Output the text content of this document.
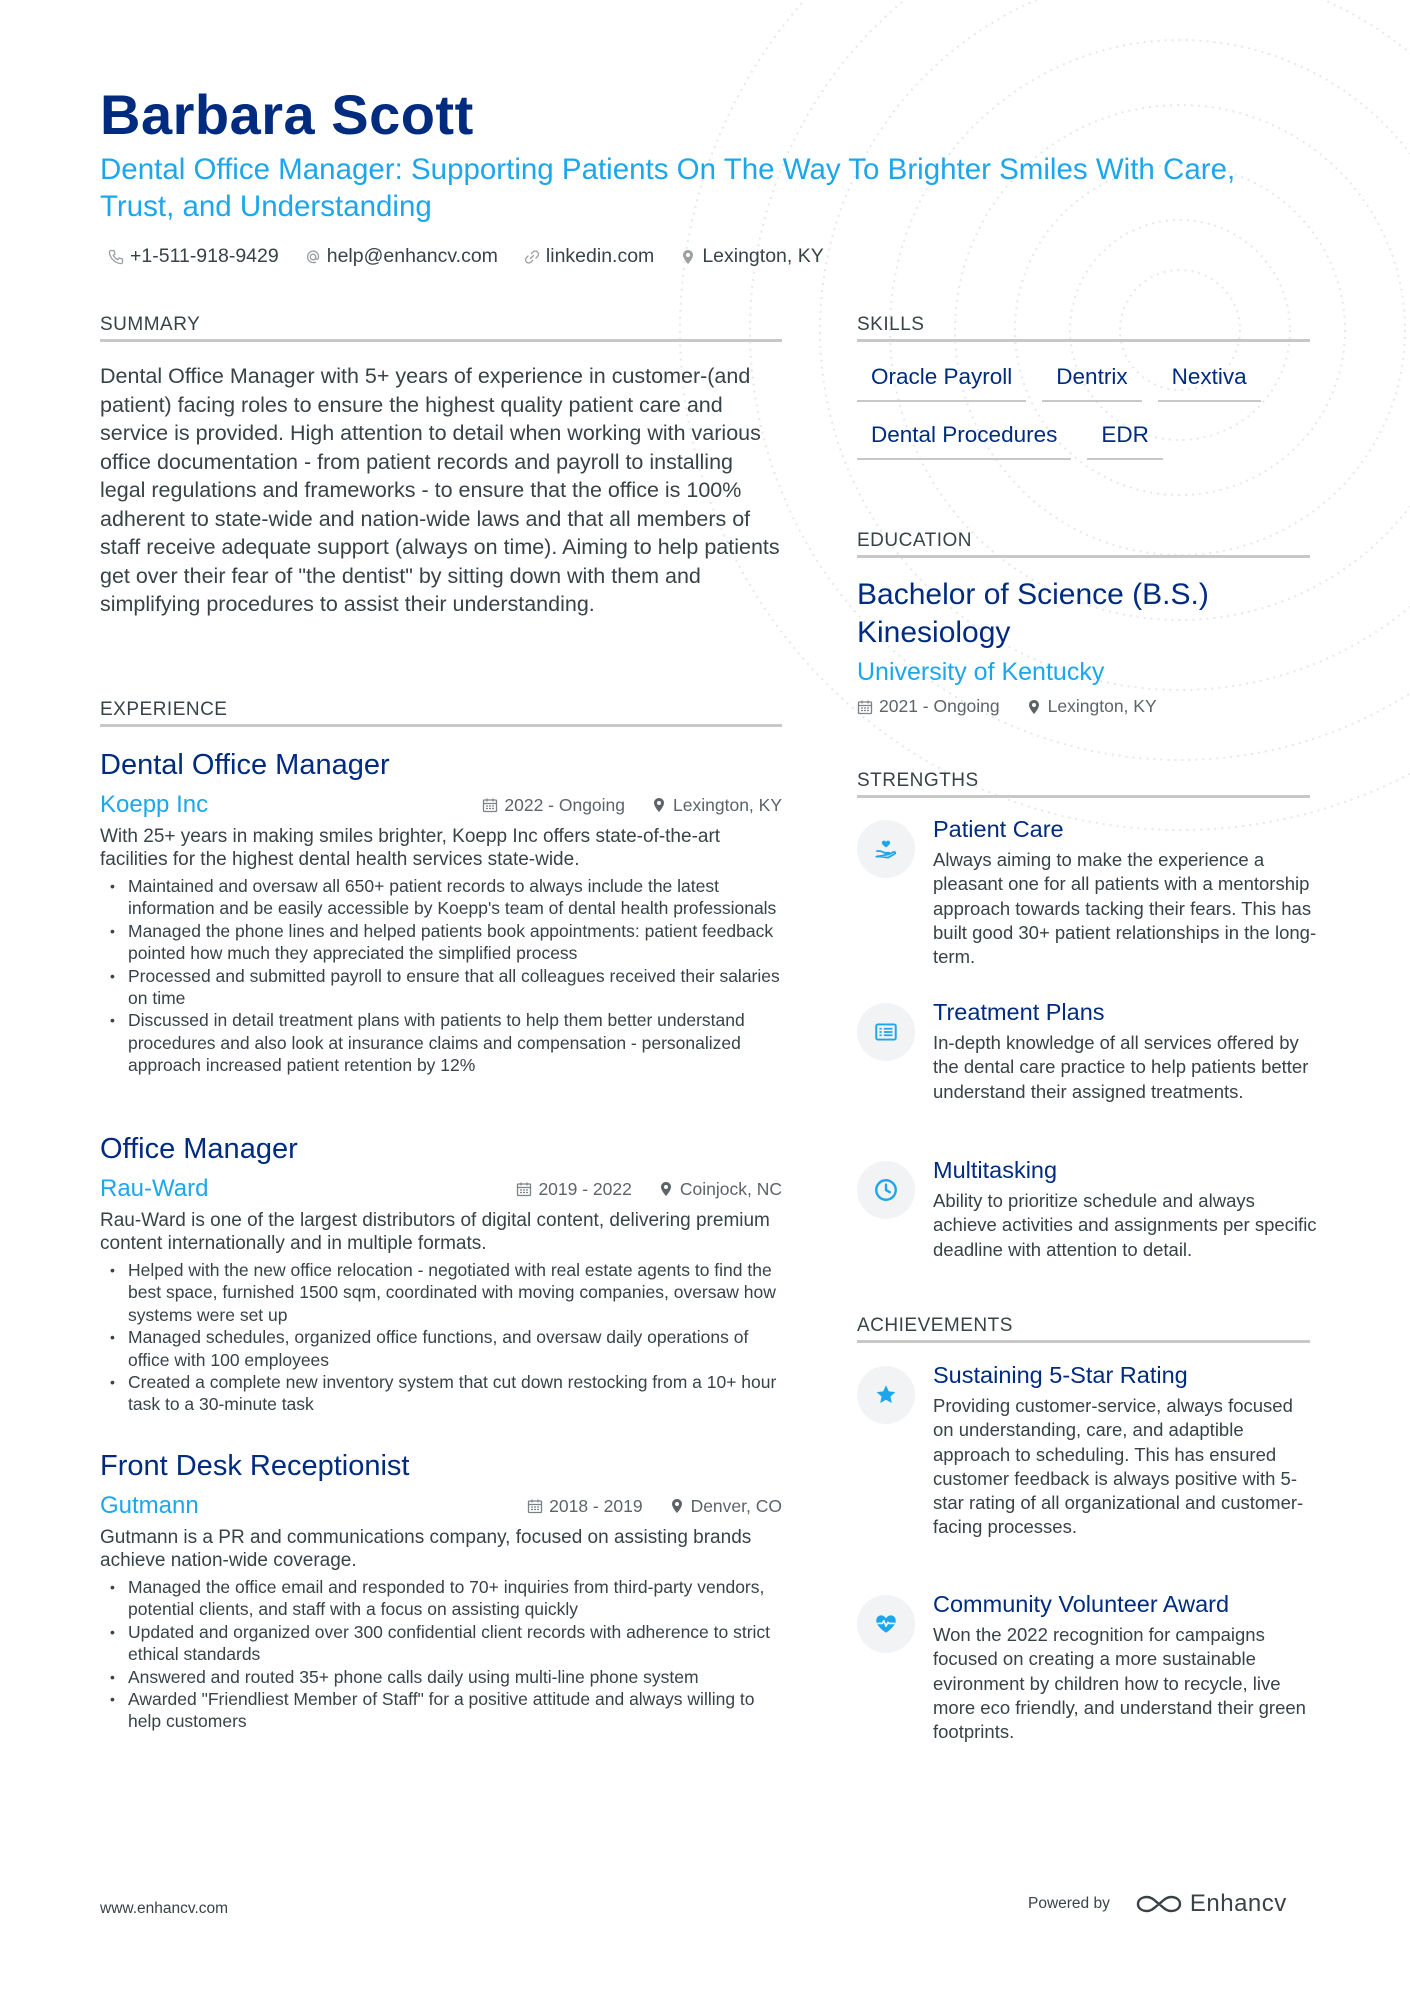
Barbara Scott
Dental Office Manager: Supporting Patients On The Way To Brighter Smiles With Care, Trust, and Understanding
+1-511-918-9429 help@enhancv.com linkedin.com Lexington, KY
SUMMARY
Dental Office Manager with 5+ years of experience in customer-(and patient) facing roles to ensure the highest quality patient care and service is provided. High attention to detail when working with various office documentation - from patient records and payroll to installing legal regulations and frameworks - to ensure that the office is 100% adherent to state-wide and nation-wide laws and that all members of staff receive adequate support (always on time). Aiming to help patients get over their fear of "the dentist" by sitting down with them and simplifying procedures to assist their understanding.
EXPERIENCE
Dental Office Manager
Koepp Inc	2022 - Ongoing	Lexington, KY
With 25+ years in making smiles brighter, Koepp Inc offers state-of-the-art facilities for the highest dental health services state-wide.
• Maintained and oversaw all 650+ patient records to always include the latest information and be easily accessible by Koepp's team of dental health professionals
• Managed the phone lines and helped patients book appointments: patient feedback pointed how much they appreciated the simplified process
• Processed and submitted payroll to ensure that all colleagues received their salaries on time
• Discussed in detail treatment plans with patients to help them better understand procedures and also look at insurance claims and compensation - personalized approach increased patient retention by 12%
Office Manager
Rau-Ward	2019 - 2022	Coinjock, NC
Rau-Ward is one of the largest distributors of digital content, delivering premium content internationally and in multiple formats.
• Helped with the new office relocation - negotiated with real estate agents to find the best space, furnished 1500 sqm, coordinated with moving companies, oversaw how systems were set up
• Managed schedules, organized office functions, and oversaw daily operations of office with 100 employees
• Created a complete new inventory system that cut down restocking from a 10+ hour task to a 30-minute task
Front Desk Receptionist
Gutmann	2018 - 2019	Denver, CO
Gutmann is a PR and communications company, focused on assisting brands achieve nation-wide coverage.
• Managed the office email and responded to 70+ inquiries from third-party vendors, potential clients, and staff with a focus on assisting quickly
• Updated and organized over 300 confidential client records with adherence to strict ethical standards
• Answered and routed 35+ phone calls daily using multi-line phone system
• Awarded "Friendliest Member of Staff" for a positive attitude and always willing to help customers
SKILLS
Oracle Payroll	Dentrix	Nextiva
Dental Procedures	EDR
EDUCATION
Bachelor of Science (B.S.) Kinesiology
University of Kentucky
2021 - Ongoing	Lexington, KY
STRENGTHS
Patient Care
Always aiming to make the experience a pleasant one for all patients with a mentorship approach towards tacking their fears. This has built good 30+ patient relationships in the long-term.
Treatment Plans
In-depth knowledge of all services offered by the dental care practice to help patients better understand their assigned treatments.
Multitasking
Ability to prioritize schedule and always achieve activities and assignments per specific deadline with attention to detail.
ACHIEVEMENTS
Sustaining 5-Star Rating
Providing customer-service, always focused on understanding, care, and adaptible approach to scheduling. This has ensured customer feedback is always positive with 5-star rating of all organizational and customer-facing processes.
Community Volunteer Award
Won the 2022 recognition for campaigns focused on creating a more sustainable evironment by children how to recycle, live more eco friendly, and understand their green footprints.
www.enhancv.com	Powered by	Enhancv
